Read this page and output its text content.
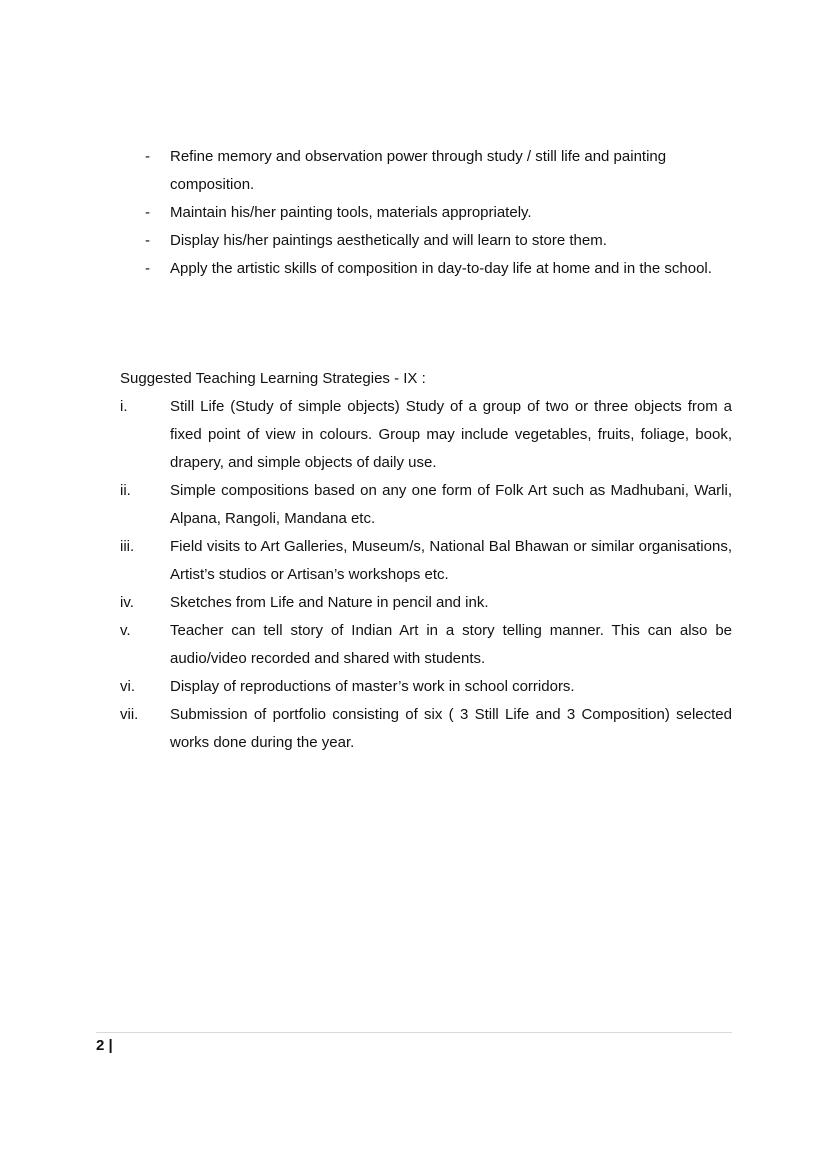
-	Refine memory and observation power through study / still life and painting composition.
-	Maintain his/her painting tools, materials appropriately.
-	Display his/her paintings aesthetically and will learn to store them.
-	Apply the artistic skills of composition in day-to-day life at home and in the school.
Suggested Teaching Learning Strategies - IX :
i.	Still Life (Study of simple objects) Study of a group of two or three objects from a fixed point of view in colours. Group may include vegetables, fruits, foliage, book, drapery, and simple objects of daily use.
ii.	Simple compositions based on any one form of Folk Art such as Madhubani, Warli, Alpana, Rangoli, Mandana etc.
iii.	Field visits to Art Galleries, Museum/s, National Bal Bhawan or similar organisations, Artist’s studios or Artisan’s workshops etc.
iv.	Sketches from Life and Nature in pencil and ink.
v.	Teacher can tell story of Indian Art in a story telling manner. This can also be audio/video recorded and shared with students.
vi.	Display of reproductions of master’s work in school corridors.
vii.	Submission of portfolio consisting of six ( 3 Still Life and 3 Composition) selected works done during the year.
2 |
